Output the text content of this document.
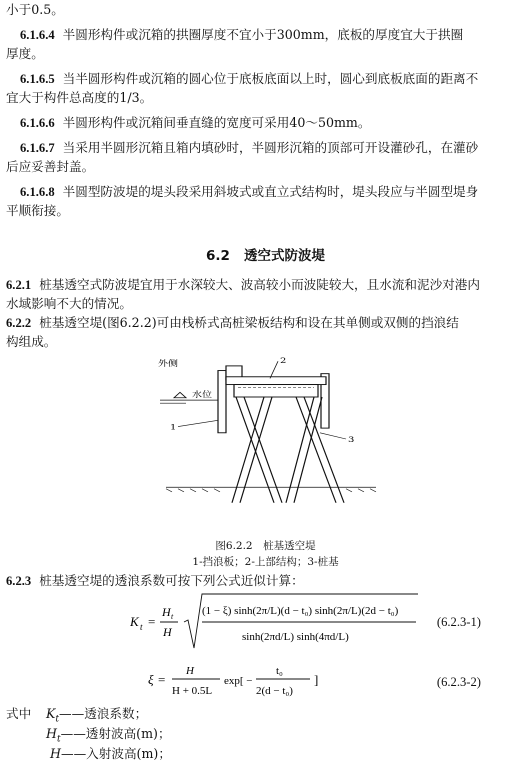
小于0.5。
6.1.6.4 半圆形构件或沉箱的拱圈厚度不宜小于300mm，底板的厚度宜大于拱圈
厚度。
6.1.6.5 当半圆形构件或沉箱的圆心位于底板底面以上时，圆心到底板底面的距离不
宜大于构件总高度的1/3。
6.1.6.6 半圆形构件或沉箱间垂直缝的宽度可采用40～50mm。
6.1.6.7 当采用半圆形沉箱且箱内填砂时，半圆形沉箱的顶部可开设灌砂孔，在灌砂
后应妥善封盖。
6.1.6.8 半圆型防波堤的堤头段采用斜坡式或直立式结构时，堤头段应与半圆型堤身
平顺衔接。
6.2 透空式防波堤
6.2.1 桩基透空式防波堤宜用于水深较大、波高较小而波陡较大，且水流和泥沙对港内
水域影响不大的情况。
6.2.2 桩基透空堤(图6.2.2)可由栈桥式高桩梁板结构和设在其单侧或双侧的挡浪结
构组成。
外侧
水位
1
2
3
图6.2.2　桩基透空堤
1-挡浪板；2-上部结构；3-桩基
6.2.3 桩基透空堤的透浪系数可按下列公式近似计算：
K t =
H t
H
(1 − ξ) sinh(2π/L)(d − t₀) sinh(2π/L)(2d − t₀)
sinh(2πd/L) sinh(4πd/L)
(6.2.3-1)
ξ =
H
H + 0.5L
exp[ −
t₀
2(d − t₀)
]	(6.2.3-2)
式中 $K_t——$透浪系数；
$H_t——$透射波高(m)；
H——入射波高(m)；
